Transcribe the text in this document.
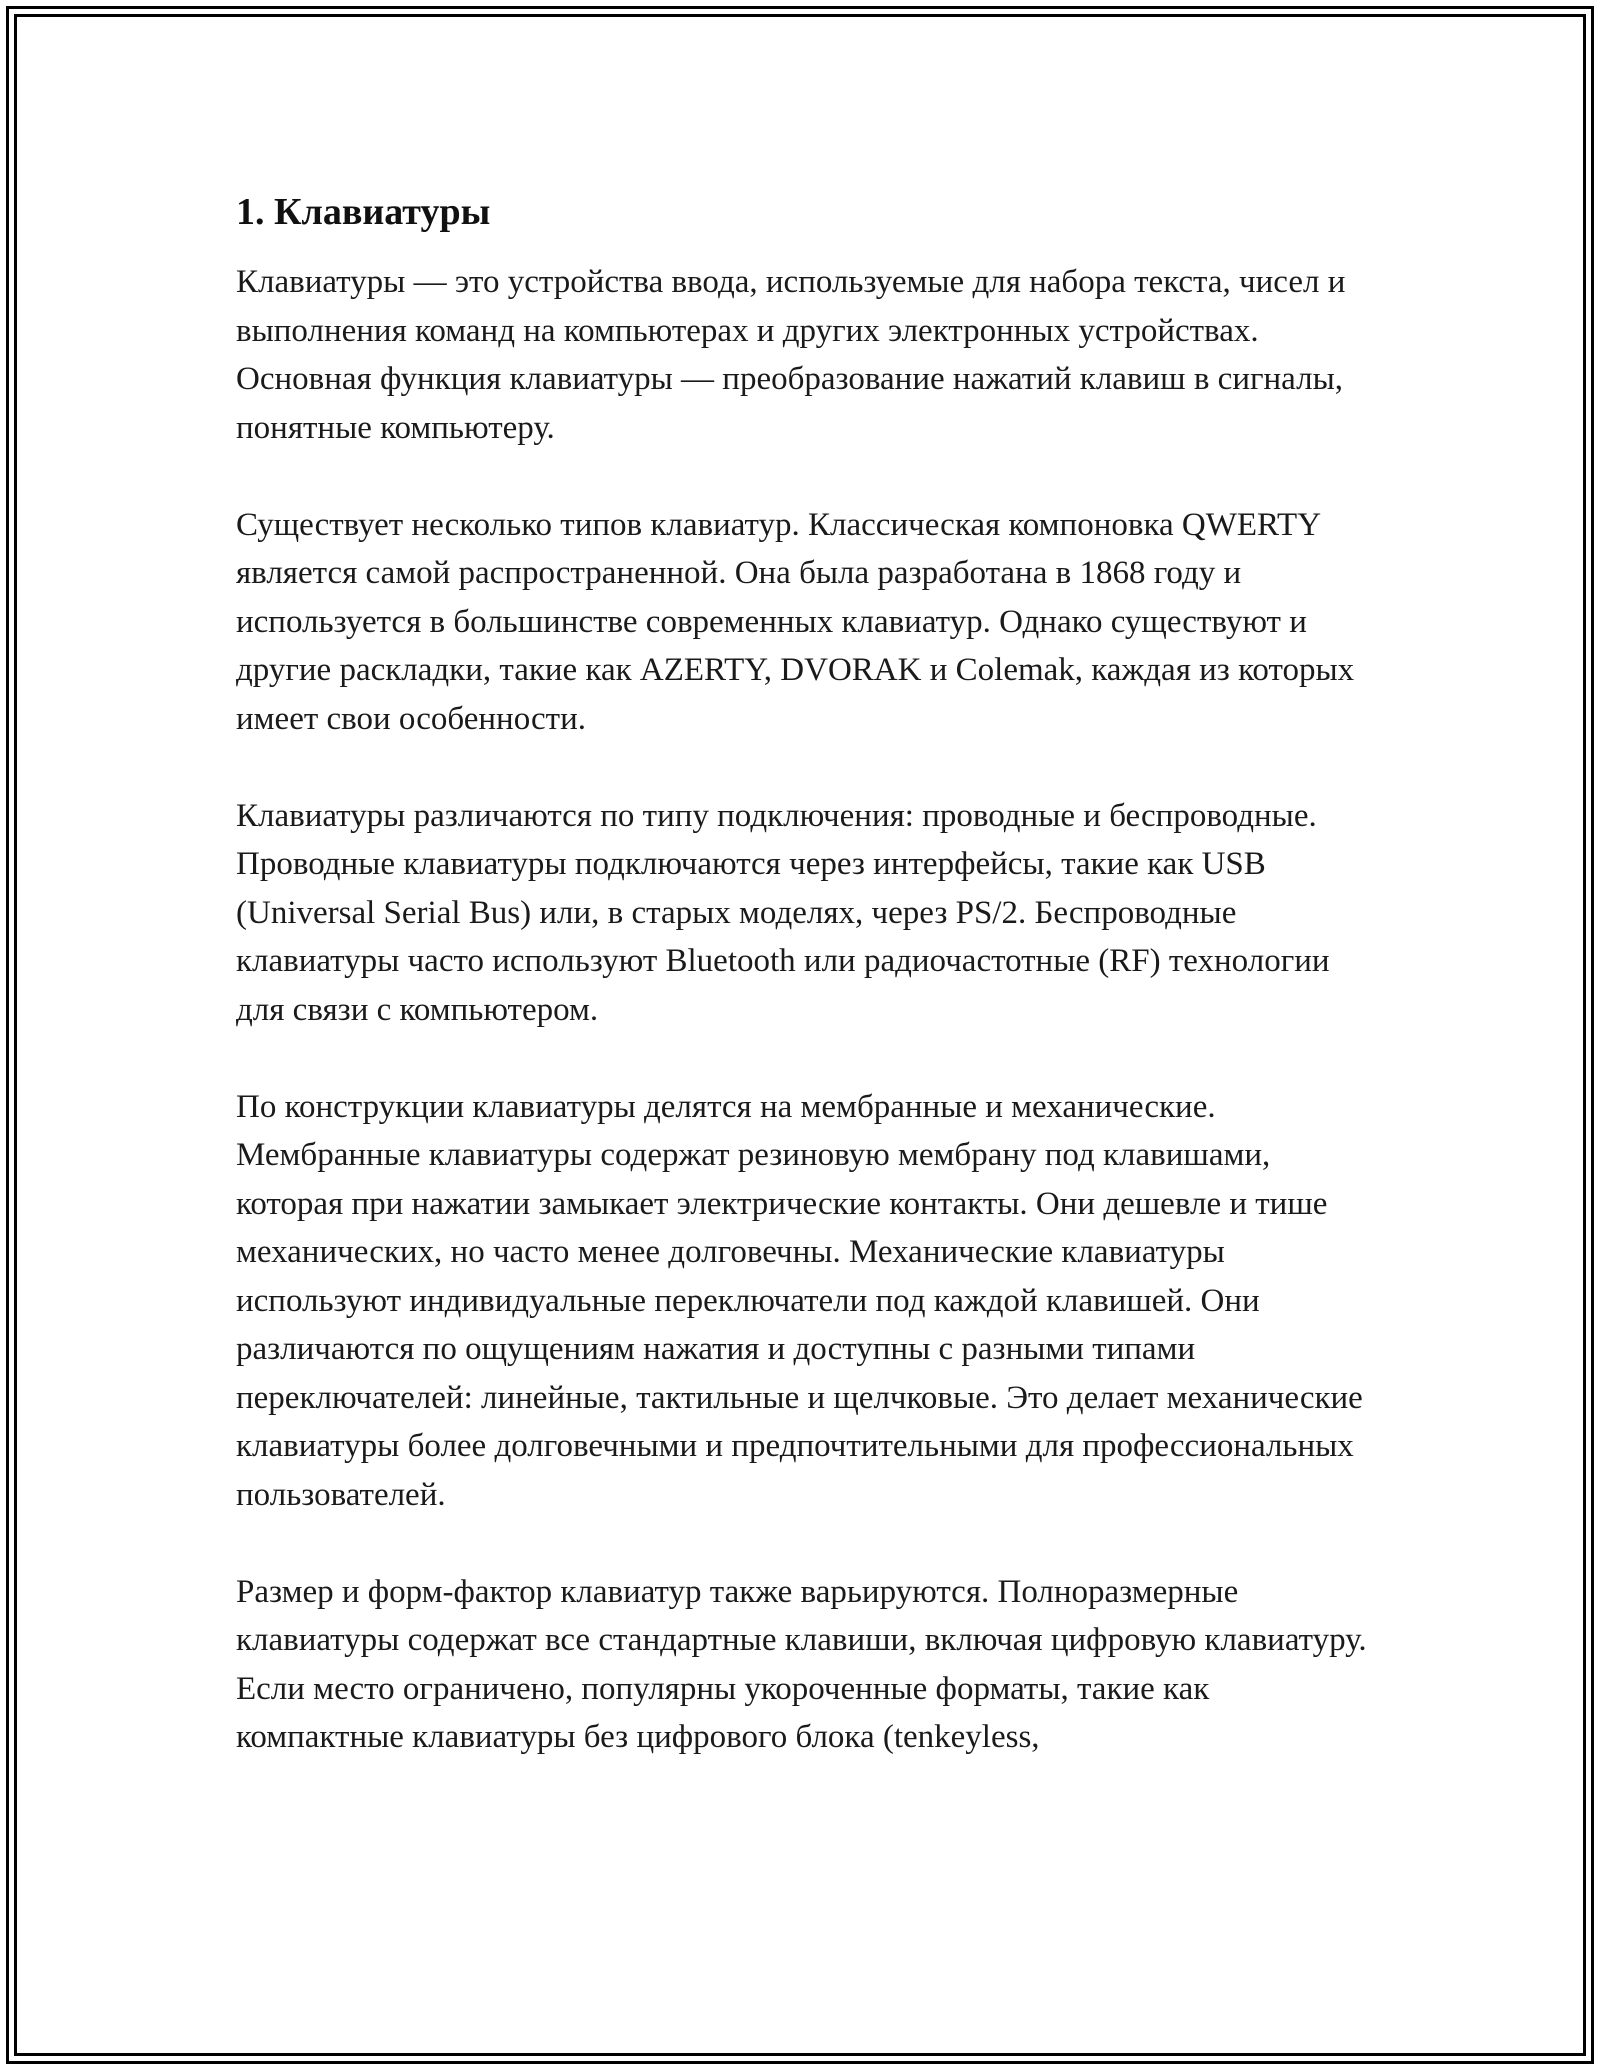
1. Клавиатуры

Клавиатуры — это устройства ввода, используемые для набора текста, чисел и выполнения команд на компьютерах и других электронных устройствах. Основная функция клавиатуры — преобразование нажатий клавиш в сигналы, понятные компьютеру.

Существует несколько типов клавиатур. Классическая компоновка QWERTY является самой распространенной. Она была разработана в 1868 году и используется в большинстве современных клавиатур. Однако существуют и другие раскладки, такие как AZERTY, DVORAK и Colemak, каждая из которых имеет свои особенности.

Клавиатуры различаются по типу подключения: проводные и беспроводные. Проводные клавиатуры подключаются через интерфейсы, такие как USB (Universal Serial Bus) или, в старых моделях, через PS/2. Беспроводные клавиатуры часто используют Bluetooth или радиочастотные (RF) технологии для связи с компьютером.

По конструкции клавиатуры делятся на мембранные и механические. Мембранные клавиатуры содержат резиновую мембрану под клавишами, которая при нажатии замыкает электрические контакты. Они дешевле и тише механических, но часто менее долговечны. Механические клавиатуры используют индивидуальные переключатели под каждой клавишей. Они различаются по ощущениям нажатия и доступны с разными типами переключателей: линейные, тактильные и щелчковые. Это делает механические клавиатуры более долговечными и предпочтительными для профессиональных пользователей.

Размер и форм-фактор клавиатур также варьируются. Полноразмерные клавиатуры содержат все стандартные клавиши, включая цифровую клавиатуру. Если место ограничено, популярны укороченные форматы, такие как компактные клавиатуры без цифрового блока (tenkeyless,
